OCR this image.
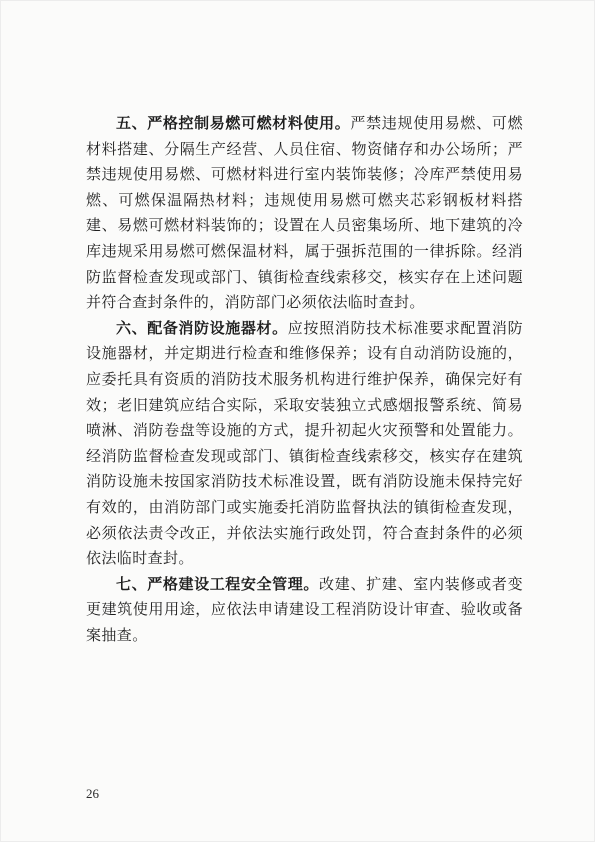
五、严格控制易燃可燃材料使用。严禁违规使用易燃、可燃材料搭建、分隔生产经营、人员住宿、物资储存和办公场所；严禁违规使用易燃、可燃材料进行室内装饰装修；冷库严禁使用易燃、可燃保温隔热材料；违规使用易燃可燃夹芯彩钢板材料搭建、易燃可燃材料装饰的；设置在人员密集场所、地下建筑的冷库违规采用易燃可燃保温材料，属于强拆范围的一律拆除。经消防监督检查发现或部门、镇街检查线索移交，核实存在上述问题并符合查封条件的，消防部门必须依法临时查封。

六、配备消防设施器材。应按照消防技术标准要求配置消防设施器材，并定期进行检查和维修保养；设有自动消防设施的，应委托具有资质的消防技术服务机构进行维护保养，确保完好有效；老旧建筑应结合实际，采取安装独立式感烟报警系统、简易喷淋、消防卷盘等设施的方式，提升初起火灾预警和处置能力。经消防监督检查发现或部门、镇街检查线索移交，核实存在建筑消防设施未按国家消防技术标准设置，既有消防设施未保持完好有效的，由消防部门或实施委托消防监督执法的镇街检查发现，必须依法责令改正，并依法实施行政处罚，符合查封条件的必须依法临时查封。

七、严格建设工程安全管理。改建、扩建、室内装修或者变更建筑使用用途，应依法申请建设工程消防设计审查、验收或备案抽查。

26
